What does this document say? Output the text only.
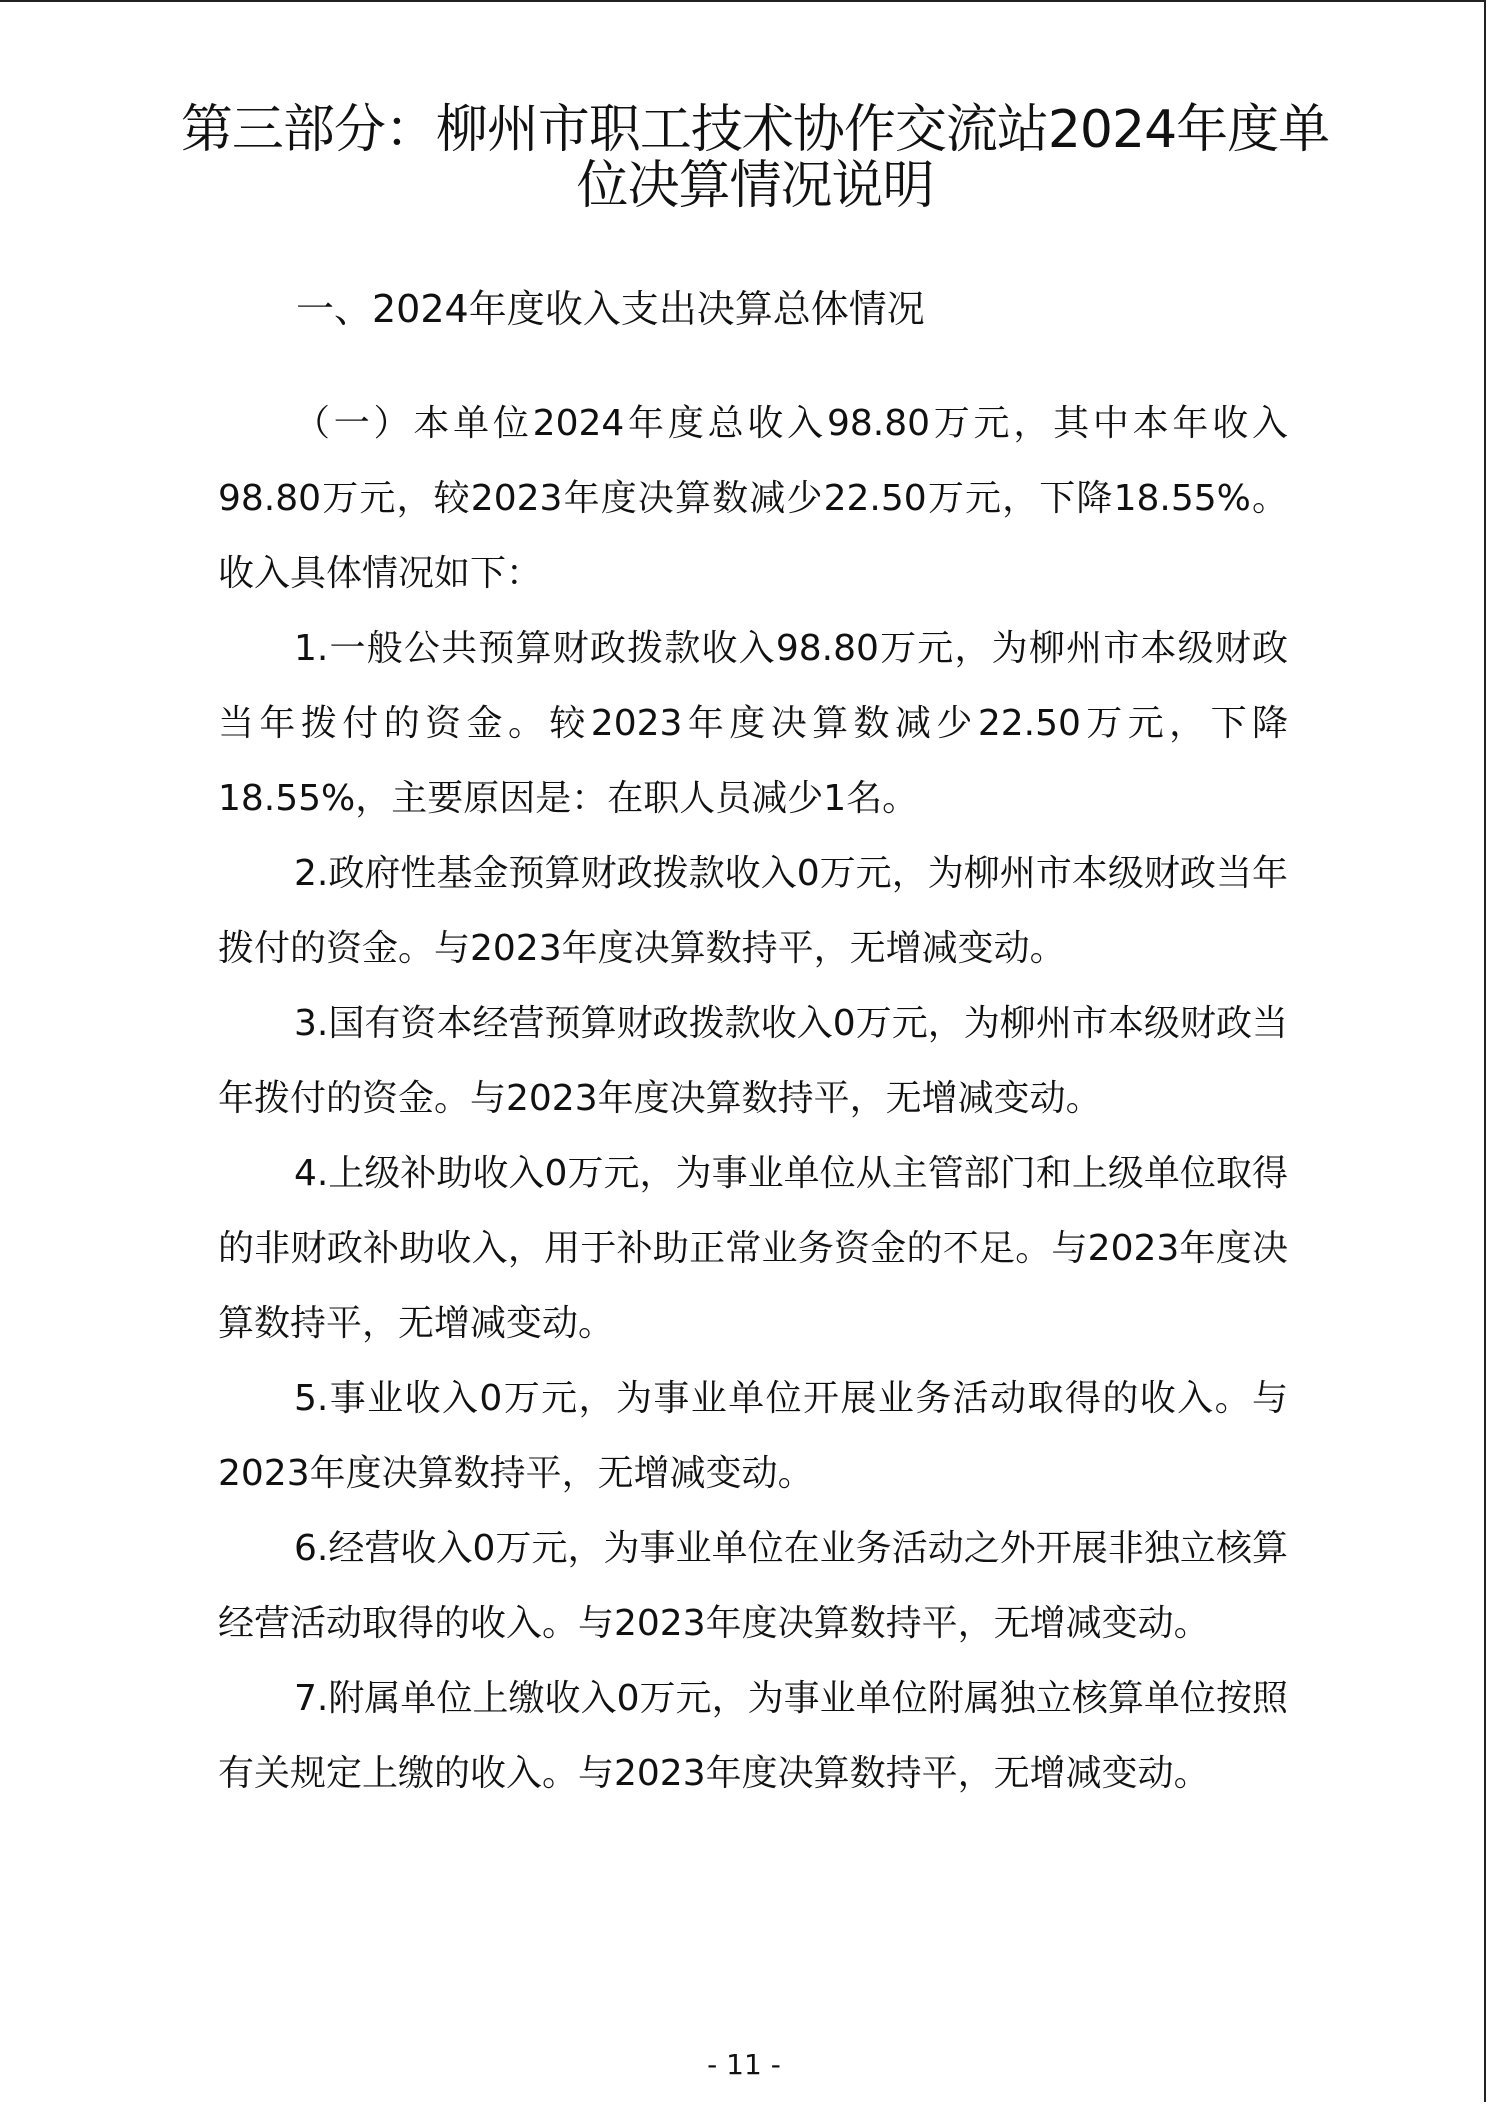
第三部分：柳州市职工技术协作交流站2024年度单位决算情况说明
一、2024年度收入支出决算总体情况

（一）本单位2024年度总收入98.80万元，其中本年收入98.80万元，较2023年度决算数减少22.50万元，下降18.55%。收入具体情况如下：

1.一般公共预算财政拨款收入98.80万元，为柳州市本级财政当年拨付的资金。较2023年度决算数减少22.50万元，下降18.55%，主要原因是：在职人员减少1名。

2.政府性基金预算财政拨款收入0万元，为柳州市本级财政当年拨付的资金。与2023年度决算数持平，无增减变动。

3.国有资本经营预算财政拨款收入0万元，为柳州市本级财政当年拨付的资金。与2023年度决算数持平，无增减变动。

4.上级补助收入0万元，为事业单位从主管部门和上级单位取得的非财政补助收入，用于补助正常业务资金的不足。与2023年度决算数持平，无增减变动。

5.事业收入0万元，为事业单位开展业务活动取得的收入。与2023年度决算数持平，无增减变动。

6.经营收入0万元，为事业单位在业务活动之外开展非独立核算经营活动取得的收入。与2023年度决算数持平，无增减变动。

7.附属单位上缴收入0万元，为事业单位附属独立核算单位按照有关规定上缴的收入。与2023年度决算数持平，无增减变动。

- 11 -
